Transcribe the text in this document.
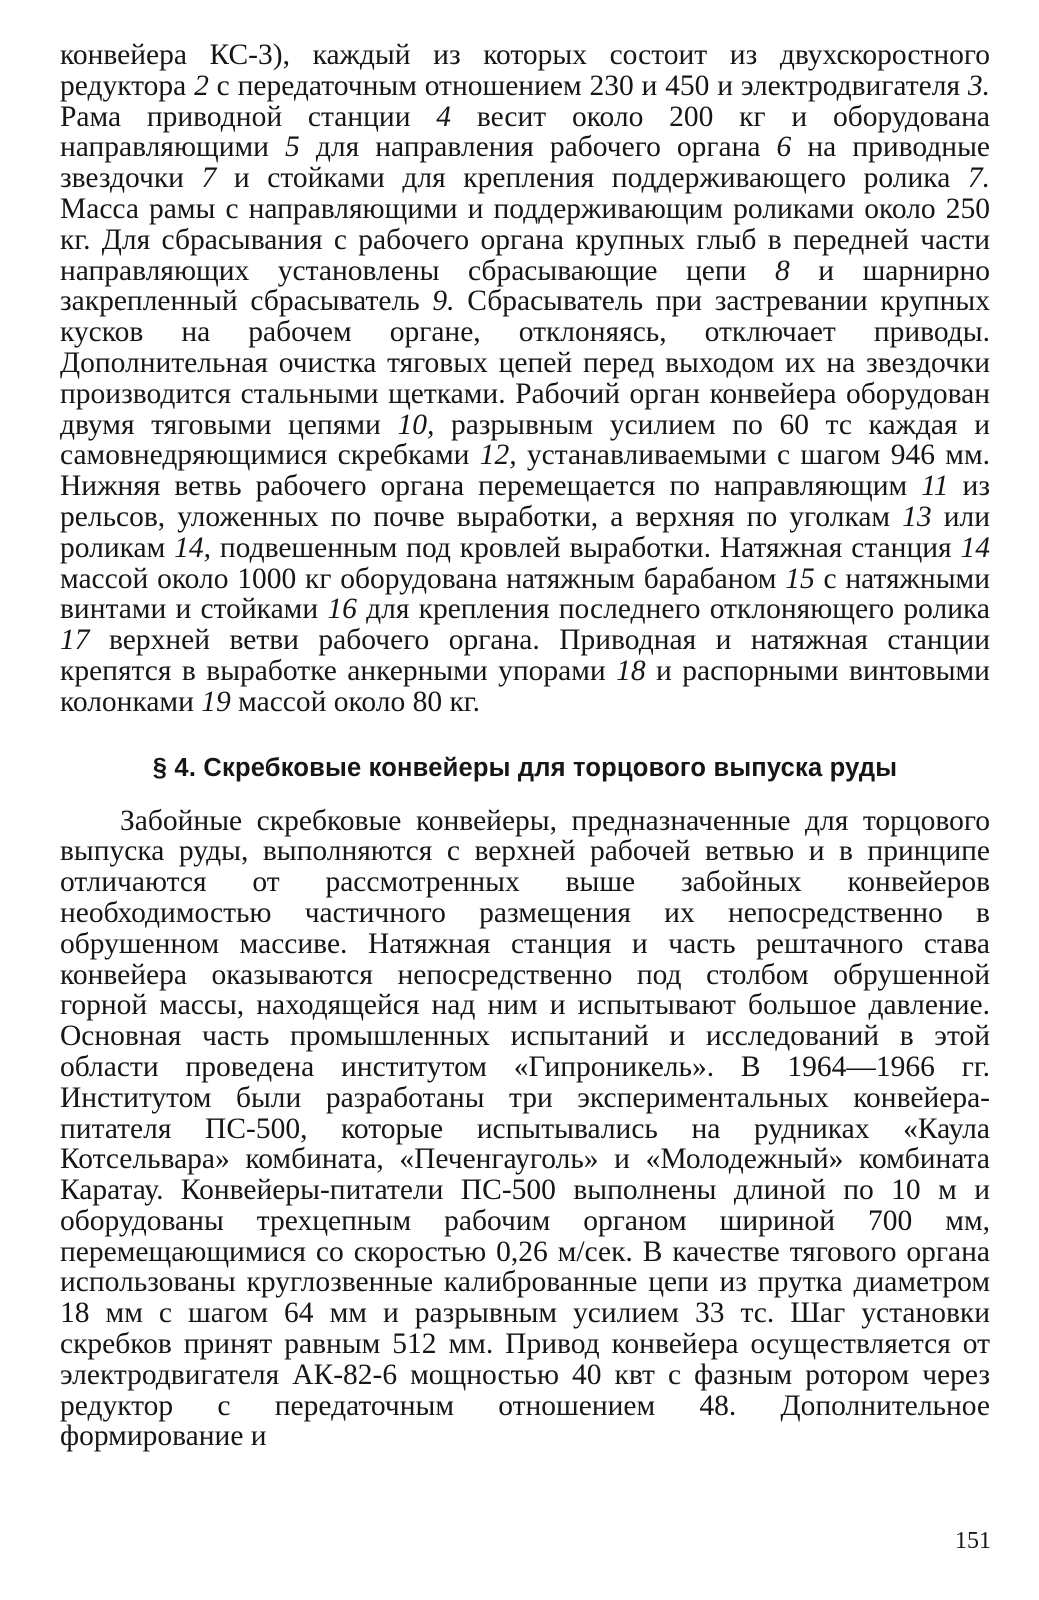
конвейера КС-3), каждый из которых состоит из двухскоростного редуктора 2 с передаточным отношением 230 и 450 и электродвигателя 3. Рама приводной станции 4 весит около 200 кг и оборудована направляющими 5 для направления рабочего органа 6 на приводные звездочки 7 и стойками для крепления поддерживающего ролика 7. Масса рамы с направляющими и поддерживающим роликами около 250 кг. Для сбрасывания с рабочего органа крупных глыб в передней части направляющих установлены сбрасывающие цепи 8 и шарнирно закрепленный сбрасыватель 9. Сбрасыватель при застревании крупных кусков на рабочем органе, отклоняясь, отключает приводы. Дополнительная очистка тяговых цепей перед выходом их на звездочки производится стальными щетками. Рабочий орган конвейера оборудован двумя тяговыми цепями 10, разрывным усилием по 60 тс каждая и самовнедряющимися скребками 12, устанавливаемыми с шагом 946 мм. Нижняя ветвь рабочего органа перемещается по направляющим 11 из рельсов, уложенных по почве выработки, а верхняя по уголкам 13 или роликам 14, подвешенным под кровлей выработки. Натяжная станция 14 массой около 1000 кг оборудована натяжным барабаном 15 с натяжными винтами и стойками 16 для крепления последнего отклоняющего ролика 17 верхней ветви рабочего органа. Приводная и натяжная станции крепятся в выработке анкерными упорами 18 и распорными винтовыми колонками 19 массой около 80 кг.

§ 4. Скребковые конвейеры для торцового выпуска руды

Забойные скребковые конвейеры, предназначенные для торцового выпуска руды, выполняются с верхней рабочей ветвью и в принципе отличаются от рассмотренных выше забойных конвейеров необходимостью частичного размещения их непосредственно в обрушенном массиве. Натяжная станция и часть рештачного става конвейера оказываются непосредственно под столбом обрушенной горной массы, находящейся над ним и испытывают большое давление. Основная часть промышленных испытаний и исследований в этой области проведена институтом «Гипроникель». В 1964—1966 гг. Институтом были разработаны три экспериментальных конвейера-питателя ПС-500, которые испытывались на рудниках «Каула Котсельвара» комбината, «Печенгауголь» и «Молодежный» комбината Каратау. Конвейеры-питатели ПС-500 выполнены длиной по 10 м и оборудованы трехцепным рабочим органом шириной 700 мм, перемещающимися со скоростью 0,26 м/сек. В качестве тягового органа использованы круглозвенные калиброванные цепи из прутка диаметром 18 мм с шагом 64 мм и разрывным усилием 33 тс. Шаг установки скребков принят равным 512 мм. Привод конвейера осуществляется от электродвигателя АК-82-6 мощностью 40 квт с фазным ротором через редуктор с передаточным отношением 48. Дополнительное формирование и

151
